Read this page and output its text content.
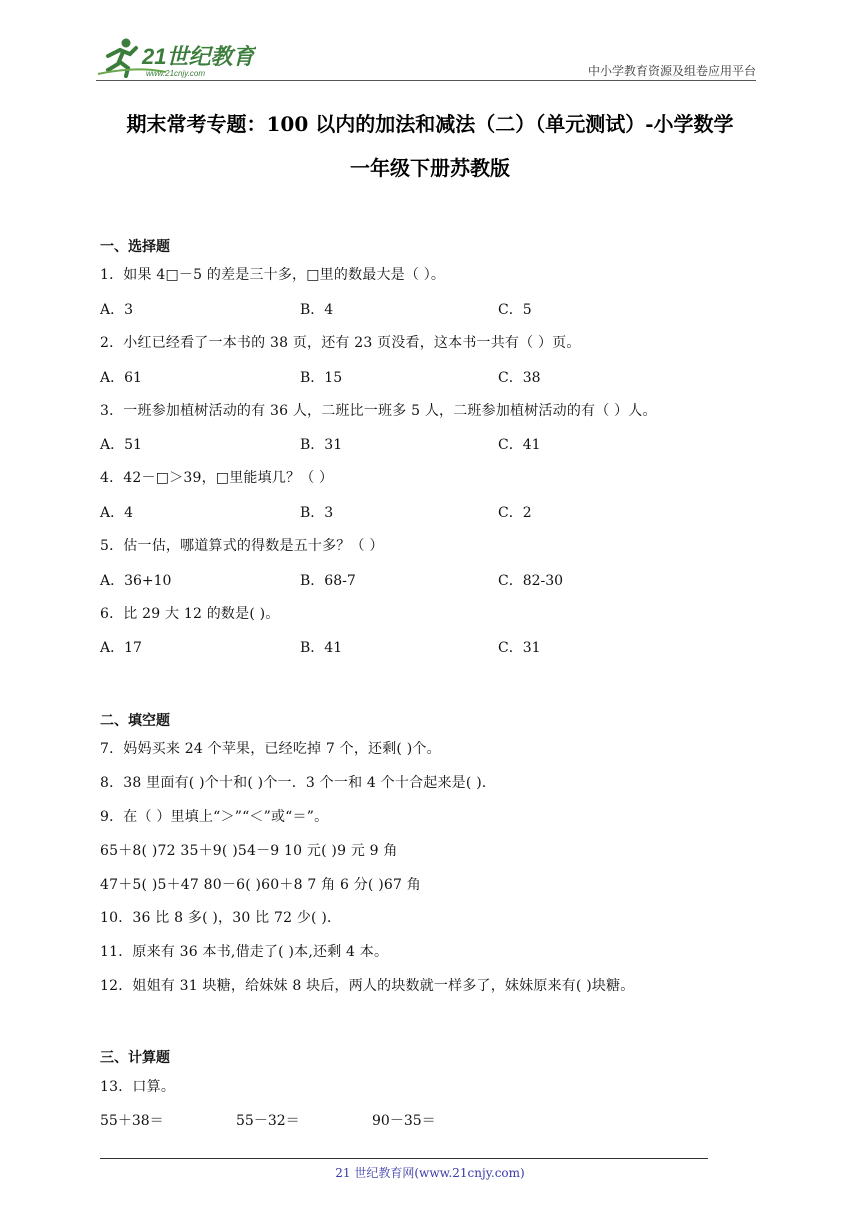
21世纪教育
www.21cnjy.com	中小学教育资源及组卷应用平台
期末常考专题：100 以内的加法和减法（二）（单元测试）-小学数学
一年级下册苏教版
一、选择题
1．如果 4□－5 的差是三十多，□里的数最大是（ ）。
A．3	B．4	C．5
2．小红已经看了一本书的 38 页，还有 23 页没看，这本书一共有（ ）页。
A．61	B．15	C．38
3．一班参加植树活动的有 36 人，二班比一班多 5 人，二班参加植树活动的有（ ）人。
A．51	B．31	C．41
4．42－□＞39，□里能填几？（ ）
A．4	B．3	C．2
5．估一估，哪道算式的得数是五十多？（ ）
A．36+10	B．68-7	C．82-30
6．比 29 大 12 的数是( )。
A．17	B．41	C．31
二、填空题
7．妈妈买来 24 个苹果，已经吃掉 7 个，还剩( )个。
8．38 里面有( )个十和( )个一．3 个一和 4 个十合起来是( )．
9．在（ ）里填上“＞”“＜”或“＝”。
65＋8( )72 35＋9( )54－9 10 元( )9 元 9 角
47＋5( )5＋47 80－6( )60＋8 7 角 6 分( )67 角
10．36 比 8 多( )，30 比 72 少( )．
11．原来有 36 本书,借走了( )本,还剩 4 本。
12．姐姐有 31 块糖，给妹妹 8 块后，两人的块数就一样多了，妹妹原来有( )块糖。
三、计算题
13．口算。
55＋38＝	55－32＝	90－35＝
21 世纪教育网(www.21cnjy.com)
